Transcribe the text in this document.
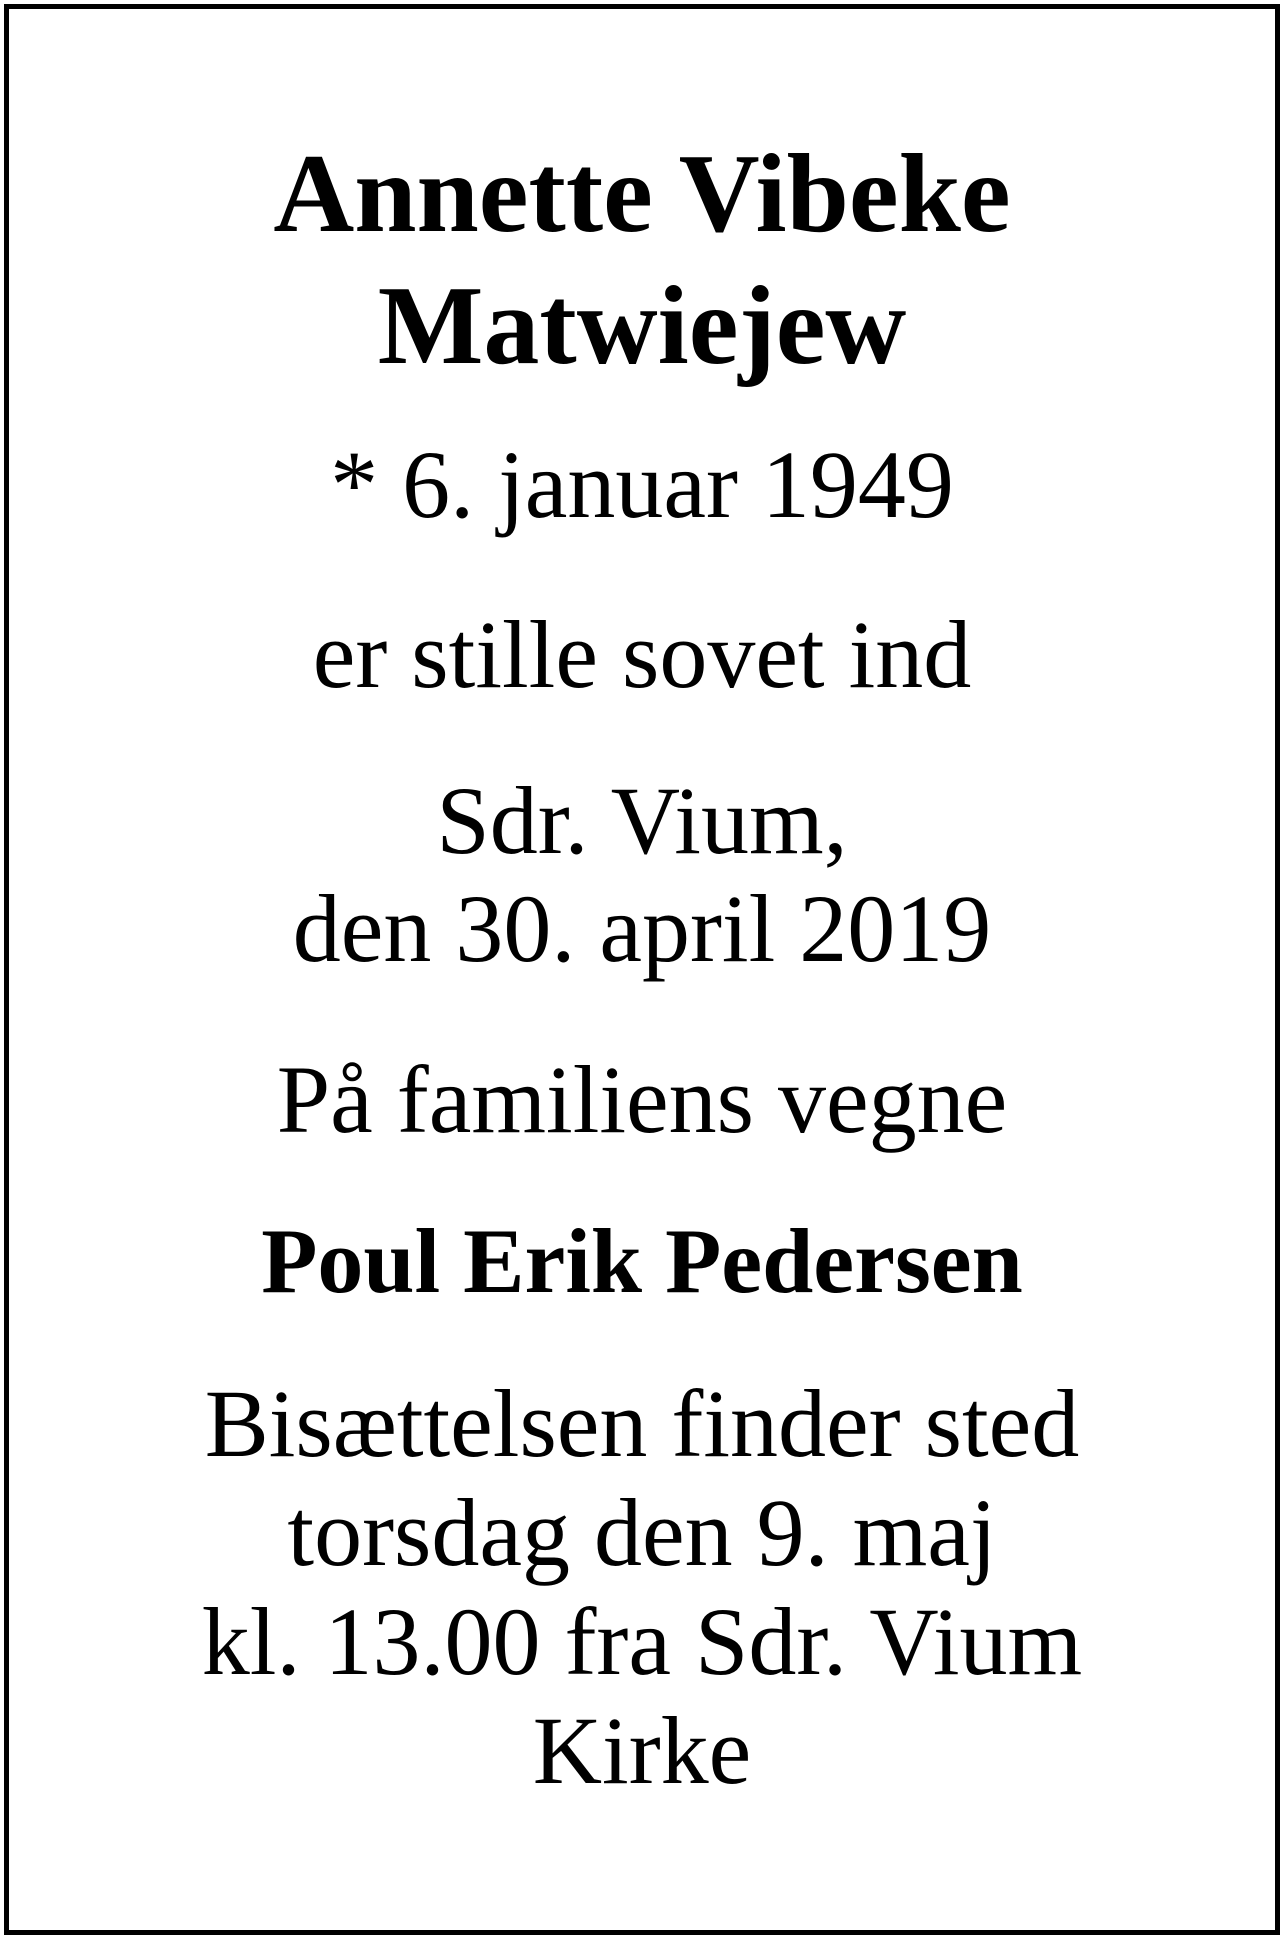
Annette Vibeke
Matwiejew
* 6. januar 1949
er stille sovet ind
Sdr. Vium,
den 30. april 2019
På familiens vegne
Poul Erik Pedersen
Bisættelsen finder sted
torsdag den 9. maj
kl. 13.00 fra Sdr. Vium
Kirke
